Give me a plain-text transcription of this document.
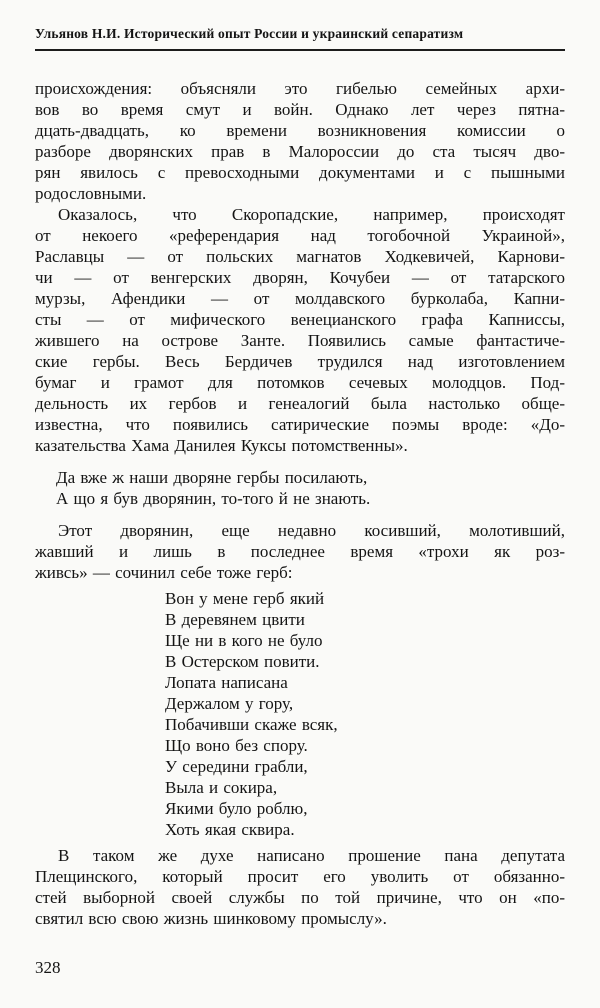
Ульянов Н.И. Исторический опыт России и украинский сепаратизм
происхождения: объясняли это гибелью семейных архи-
вов во время смут и войн. Однако лет через пятна-
дцать-двадцать, ко времени возникновения комиссии о
разборе дворянских прав в Малороссии до ста тысяч дво-
рян явилось с превосходными документами и с пышными
родословными.
Оказалось, что Скоропадские, например, происходят
от некоего «референдария над тогобочной Украиной»,
Раславцы — от польских магнатов Ходкевичей, Карнови-
чи — от венгерских дворян, Кочубеи — от татарского
мурзы, Афендики — от молдавского бурколаба, Капни-
сты — от мифического венецианского графа Капниссы,
жившего на острове Занте. Появились самые фантастиче-
ские гербы. Весь Бердичев трудился над изготовлением
бумаг и грамот для потомков сечевых молодцов. Под-
дельность их гербов и генеалогий была настолько обще-
известна, что появились сатирические поэмы вроде: «До-
казательства Хама Данилея Куксы потомственны».
Да вже ж наши дворяне гербы посилають,
А що я був дворянин, то-того й не знають.
Этот дворянин, еще недавно косивший, молотивший,
жавший и лишь в последнее время «трохи як роз-
живсь» — сочинил себе тоже герб:
Вон у мене герб який
В деревянем цвити
Ще ни в кого не було
В Остерском повити.
Лопата написана
Держалом у гору,
Побачивши скаже всяк,
Що воно без спору.
У середини грабли,
Выла и сокира,
Якими було роблю,
Хоть якая сквира.
В таком же духе написано прошение пана депутата
Плещинского, который просит его уволить от обязанно-
стей выборной своей службы по той причине, что он «по-
святил всю свою жизнь шинковому промыслу».
328
